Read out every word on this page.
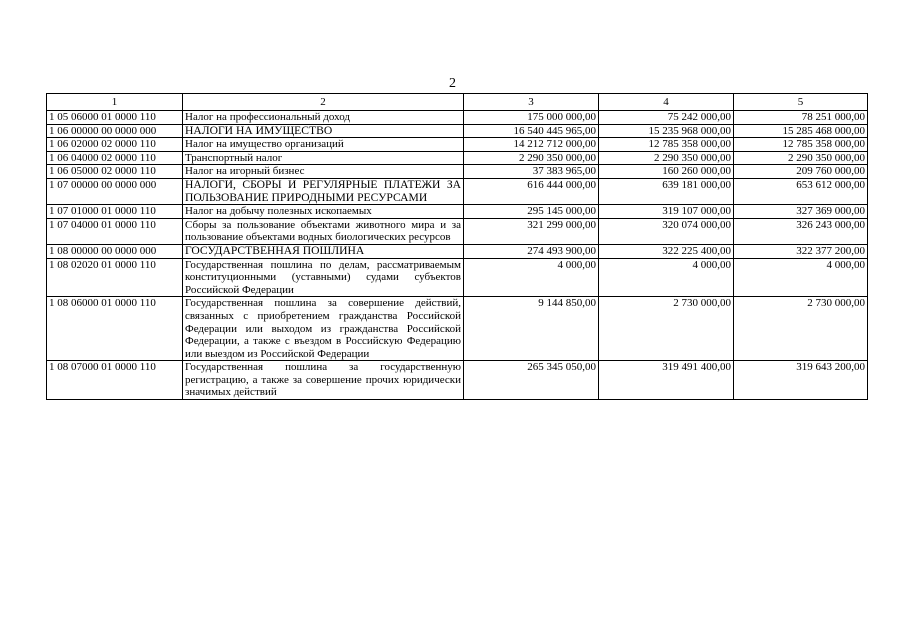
2
1	2	3	4	5
1 05 06000 01 0000 110	Налог на профессиональный доход	175 000 000,00	75 242 000,00	78 251 000,00
1 06 00000 00 0000 000	НАЛОГИ НА ИМУЩЕСТВО	16 540 445 965,00	15 235 968 000,00	15 285 468 000,00
1 06 02000 02 0000 110	Налог на имущество организаций	14 212 712 000,00	12 785 358 000,00	12 785 358 000,00
1 06 04000 02 0000 110	Транспортный налог	2 290 350 000,00	2 290 350 000,00	2 290 350 000,00
1 06 05000 02 0000 110	Налог на игорный бизнес	37 383 965,00	160 260 000,00	209 760 000,00
1 07 00000 00 0000 000	НАЛОГИ, СБОРЫ И РЕГУЛЯРНЫЕ ПЛАТЕЖИ ЗА ПОЛЬЗОВАНИЕ ПРИРОДНЫМИ РЕСУРСАМИ	616 444 000,00	639 181 000,00	653 612 000,00
1 07 01000 01 0000 110	Налог на добычу полезных ископаемых	295 145 000,00	319 107 000,00	327 369 000,00
1 07 04000 01 0000 110	Сборы за пользование объектами животного мира и за пользование объектами водных биологических ресурсов	321 299 000,00	320 074 000,00	326 243 000,00
1 08 00000 00 0000 000	ГОСУДАРСТВЕННАЯ ПОШЛИНА	274 493 900,00	322 225 400,00	322 377 200,00
1 08 02020 01 0000 110	Государственная пошлина по делам, рассматриваемым конституционными (уставными) судами субъектов Российской Федерации	4 000,00	4 000,00	4 000,00
1 08 06000 01 0000 110	Государственная пошлина за совершение действий, связанных с приобретением гражданства Российской Федерации или выходом из гражданства Российской Федерации, а также с въездом в Российскую Федерацию или выездом из Российской Федерации	9 144 850,00	2 730 000,00	2 730 000,00
1 08 07000 01 0000 110	Государственная пошлина за государственную регистрацию, а также за совершение прочих юридически значимых действий	265 345 050,00	319 491 400,00	319 643 200,00
